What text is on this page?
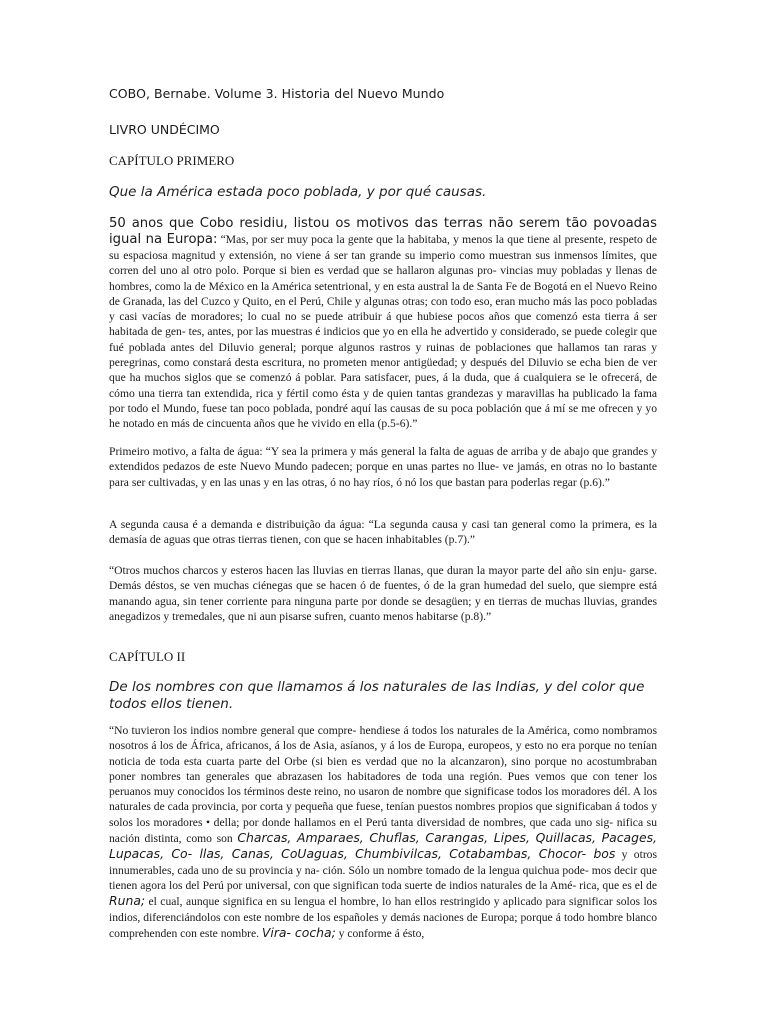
COBO, Bernabe. Volume 3. Historia del Nuevo Mundo

LIVRO UNDÉCIMO

CAPÍTULO PRIMERO

Que la América estada poco poblada, y por qué causas.

50 anos que Cobo residiu, listou os motivos das terras não serem tão povoadas igual na Europa: “Mas, por ser muy poca la gente que la habitaba, y menos la que tiene al presente, respeto de su espaciosa magnitud y extensión, no viene á ser tan grande su imperio como muestran sus inmensos límites, que corren del uno al otro polo. Porque si bien es verdad que se hallaron algunas pro- vincias muy pobladas y llenas de hombres, como la de México en la América setentrional, y en esta austral la de Santa Fe de Bogotá en el Nuevo Reino de Granada, las del Cuzco y Quito, en el Perú, Chile y algunas otras; con todo eso, eran mucho más las poco pobladas y casi vacías de moradores; lo cual no se puede atribuir á que hubiese pocos años que comenzó esta tierra á ser habitada de gen- tes, antes, por las muestras é indicios que yo en ella he advertido y considerado, se puede colegir que fué poblada antes del Diluvio general; porque algunos rastros y ruinas de poblaciones que hallamos tan raras y peregrinas, como constará desta escritura, no prometen menor antigüedad; y después del Diluvio se echa bien de ver que ha muchos siglos que se comenzó á poblar. Para satisfacer, pues, á la duda, que á cualquiera se le ofrecerá, de cómo una tierra tan extendida, rica y fértil como ésta y de quien tantas grandezas y maravillas ha publicado la fama por todo el Mundo, fuese tan poco poblada, pondré aquí las causas de su poca población que á mí se me ofrecen y yo he notado en más de cincuenta años que he vivido en ella (p.5-6).”

Primeiro motivo, a falta de água: “Y sea la primera y más general la falta de aguas de arriba y de abajo que grandes y extendidos pedazos de este Nuevo Mundo padecen; porque en unas partes no llue- ve jamás, en otras no lo bastante para ser cultivadas, y en las unas y en las otras, ó no hay ríos, ó nó los que bastan para poderlas regar (p.6).”

A segunda causa é a demanda e distribuição da água: “La segunda causa y casi tan general como la primera, es la demasía de aguas que otras tierras tienen, con que se hacen inhabitables (p.7).”

“Otros muchos charcos y esteros hacen las lluvias en tierras llanas, que duran la mayor parte del año sin enju- garse. Demás déstos, se ven muchas ciénegas que se hacen ó de fuentes, ó de la gran humedad del suelo, que siempre está manando agua, sin tener corriente para ninguna parte por donde se desagüen; y en tierras de muchas lluvias, grandes anegadizos y tremedales, que ni aun pisarse sufren, cuanto menos habitarse (p.8).”

CAPÍTULO II

De los nombres con que llamamos á los naturales de las Indias, y del color que todos ellos tienen.

“No tuvieron los indios nombre general que compre- hendiese á todos los naturales de la América, como nombramos nosotros á los de África, africanos, á los de Asia, asíanos, y á los de Europa, europeos, y esto no era porque no tenían noticia de toda esta cuarta parte del Orbe (si bien es verdad que no la alcanzaron), sino porque no acostumbraban poner nombres tan generales que abrazasen los habitadores de toda una región. Pues vemos que con tener los peruanos muy conocidos los términos deste reino, no usaron de nombre que significase todos los moradores dél. A los naturales de cada provincia, por corta y pequeña que fuese, tenían puestos nombres propios que significaban á todos y solos los moradores • della; por donde hallamos en el Perú tanta diversidad de nombres, que cada uno sig- nifica su nación distinta, como son Charcas, Amparaes, Chuflas, Carangas, Lipes, Quillacas, Pacages, Lupacas, Co- llas, Canas, CoUaguas, Chumbivilcas, Cotabambas, Chocor- bos y otros innumerables, cada uno de su provincia y na- ción. Sólo un nombre tomado de la lengua quichua pode- mos decir que tienen agora los del Perú por universal, con que significan toda suerte de indios naturales de la Amé- rica, que es el de Runa; el cual, aunque significa en su lengua el hombre, lo han ellos restringido y aplicado para significar solos los indios, diferenciándolos con este nombre de los españoles y demás naciones de Europa; porque á todo hombre blanco comprehenden con este nombre. Vira- cocha; y conforme á ésto,
